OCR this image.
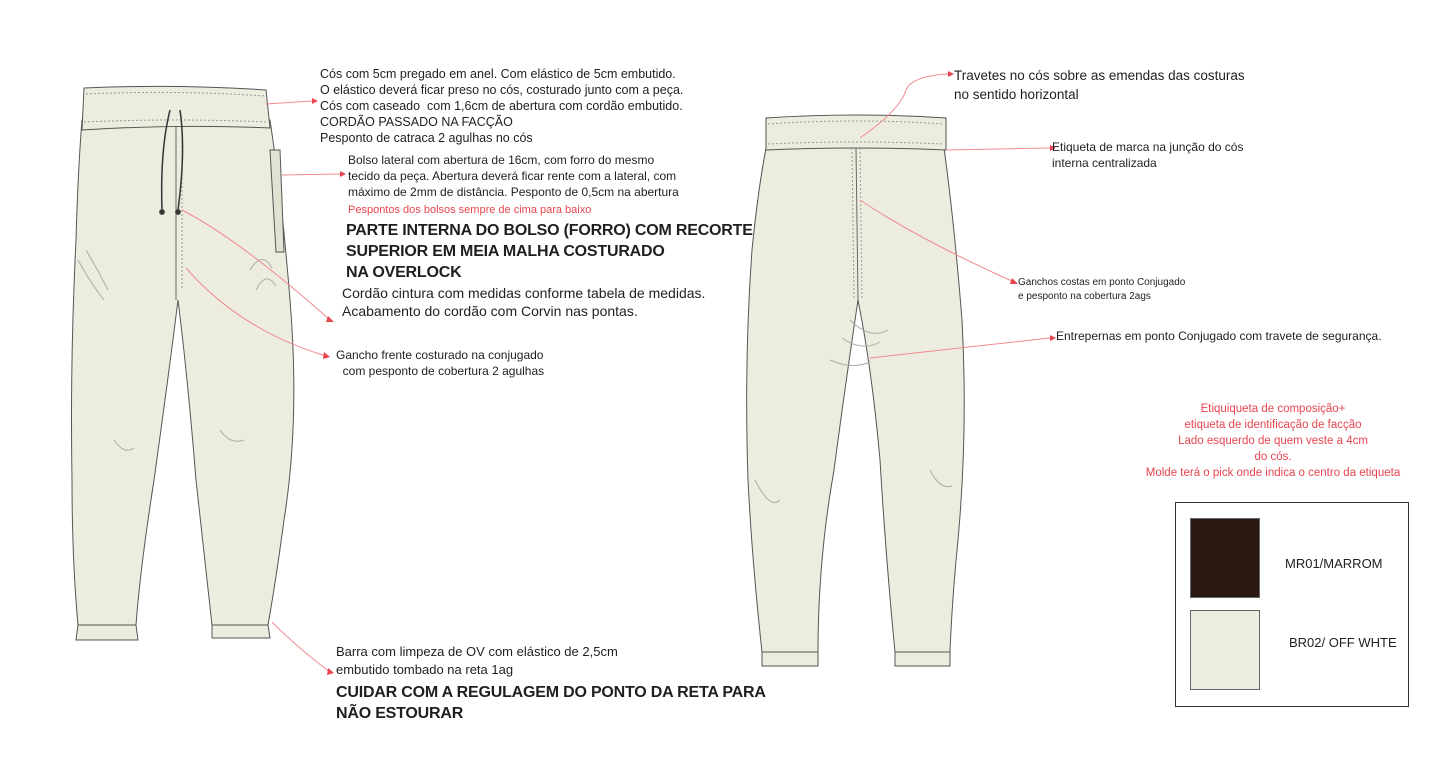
Cós com 5cm pregado em anel. Com elástico de 5cm embutido.
O elástico deverá ficar preso no cós, costurado junto com a peça.
Cós com caseado  com 1,6cm de abertura com cordão embutido.
CORDÃO PASSADO NA FACÇÃO
Pesponto de catraca 2 agulhas no cós
Bolso lateral com abertura de 16cm, com forro do mesmo
tecido da peça. Abertura deverá ficar rente com a lateral, com
máximo de 2mm de distância. Pesponto de 0,5cm na abertura
Pespontos dos bolsos sempre de cima para baixo
PARTE INTERNA DO BOLSO (FORRO) COM RECORTE
SUPERIOR EM MEIA MALHA COSTURADO
NA OVERLOCK
Cordão cintura com medidas conforme tabela de medidas.
Acabamento do cordão com Corvin nas pontas.
Gancho frente costurado na conjugado
com pesponto de cobertura 2 agulhas
Barra com limpeza de OV com elástico de 2,5cm
embutido tombado na reta 1ag
CUIDAR COM A REGULAGEM DO PONTO DA RETA PARA
NÃO ESTOURAR
Travetes no cós sobre as emendas das costuras
no sentido horizontal
Etiqueta de marca na junção do cós
interna centralizada
Ganchos costas em ponto Conjugado
e pesponto na cobertura 2ags
Entrepernas em ponto Conjugado com travete de segurança.
Etiquiqueta de composição+
etiqueta de identificação de facção
Lado esquerdo de quem veste a 4cm
do cós.
Molde terá o pick onde indica o centro da etiqueta
MR01/MARROM
BR02/ OFF WHTE
